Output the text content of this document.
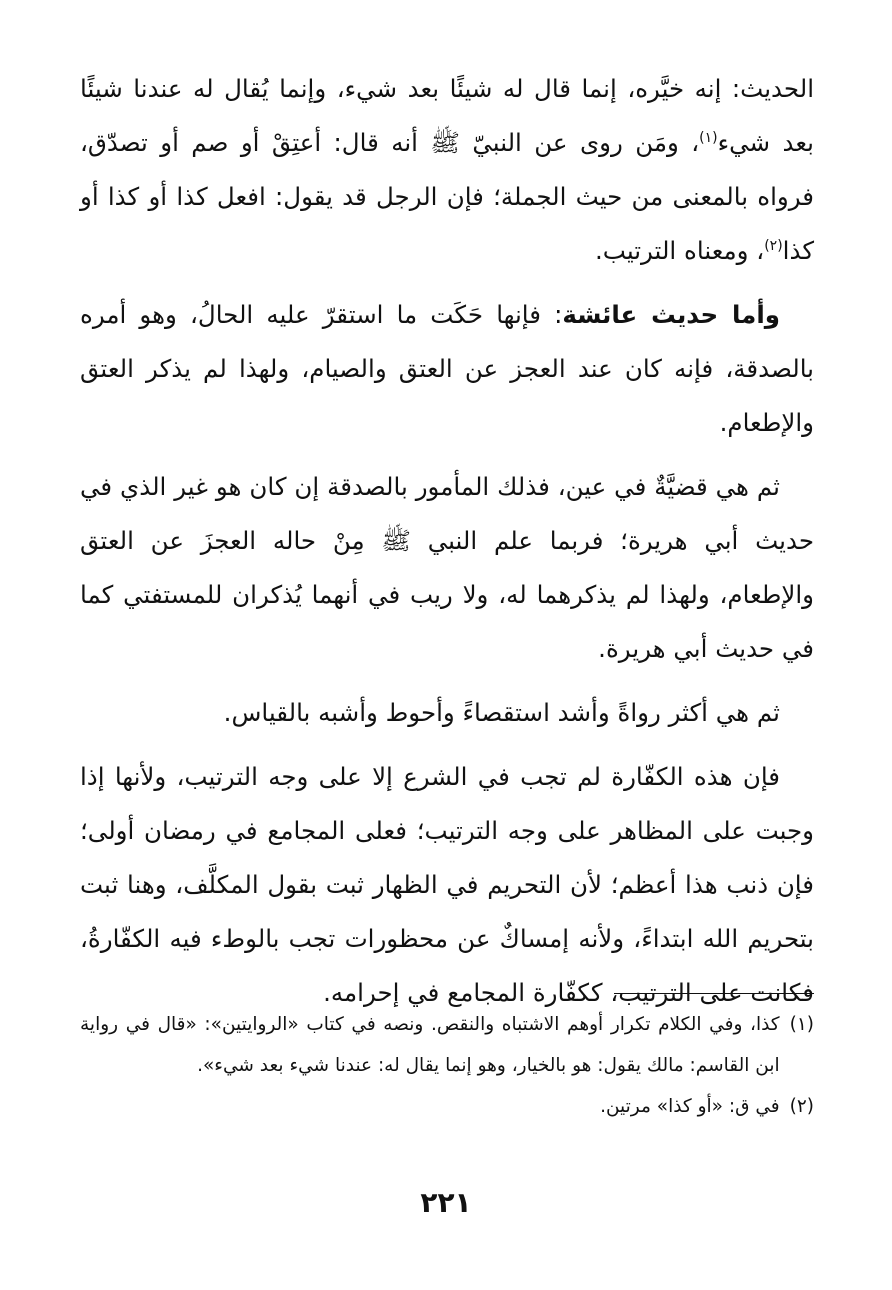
الحديث: إنه خيَّره، إنما قال له شيئًا بعد شيء، وإنما يُقال له عندنا شيئًا بعد شيء$^{(١)}$، ومَن روى عن النبيّ ﷺ أنه قال: أعتِقْ أو صم أو تصدّق، فرواه بالمعنى من حيث الجملة؛ فإن الرجل قد يقول: افعل كذا أو كذا أو كذا$^{(٢)}$، ومعناه الترتيب.

وأما حديث عائشة: فإنها حَكَت ما استقرّ عليه الحالُ، وهو أمره بالصدقة، فإنه كان عند العجز عن العتق والصيام، ولهذا لم يذكر العتق والإطعام.

ثم هي قضيَّةٌ في عين، فذلك المأمور بالصدقة إن كان هو غير الذي في حديث أبي هريرة؛ فربما علم النبي ﷺ مِنْ حاله العجزَ عن العتق والإطعام، ولهذا لم يذكرهما له، ولا ريب في أنهما يُذكران للمستفتي كما في حديث أبي هريرة.

ثم هي أكثر رواةً وأشد استقصاءً وأحوط وأشبه بالقياس.

فإن هذه الكفّارة لم تجب في الشرع إلا على وجه الترتيب، ولأنها إذا وجبت على المظاهر على وجه الترتيب؛ فعلى المجامع في رمضان أولى؛ فإن ذنب هذا أعظم؛ لأن التحريم في الظهار ثبت بقول المكلَّف، وهنا ثبت بتحريم الله ابتداءً، ولأنه إمساكٌ عن محظورات تجب بالوطء فيه الكفّارةُ، فكانت على الترتيب، ككفّارة المجامع في إحرامه.

(١)
كذا، وفي الكلام تكرار أوهم الاشتباه والنقص. ونصه في كتاب «الروايتين»: «قال في رواية ابن القاسم: مالك يقول: هو بالخيار، وهو إنما يقال له: عندنا شيء بعد شيء».

(٢)
في ق: «أو كذا» مرتين.

٢٢١
